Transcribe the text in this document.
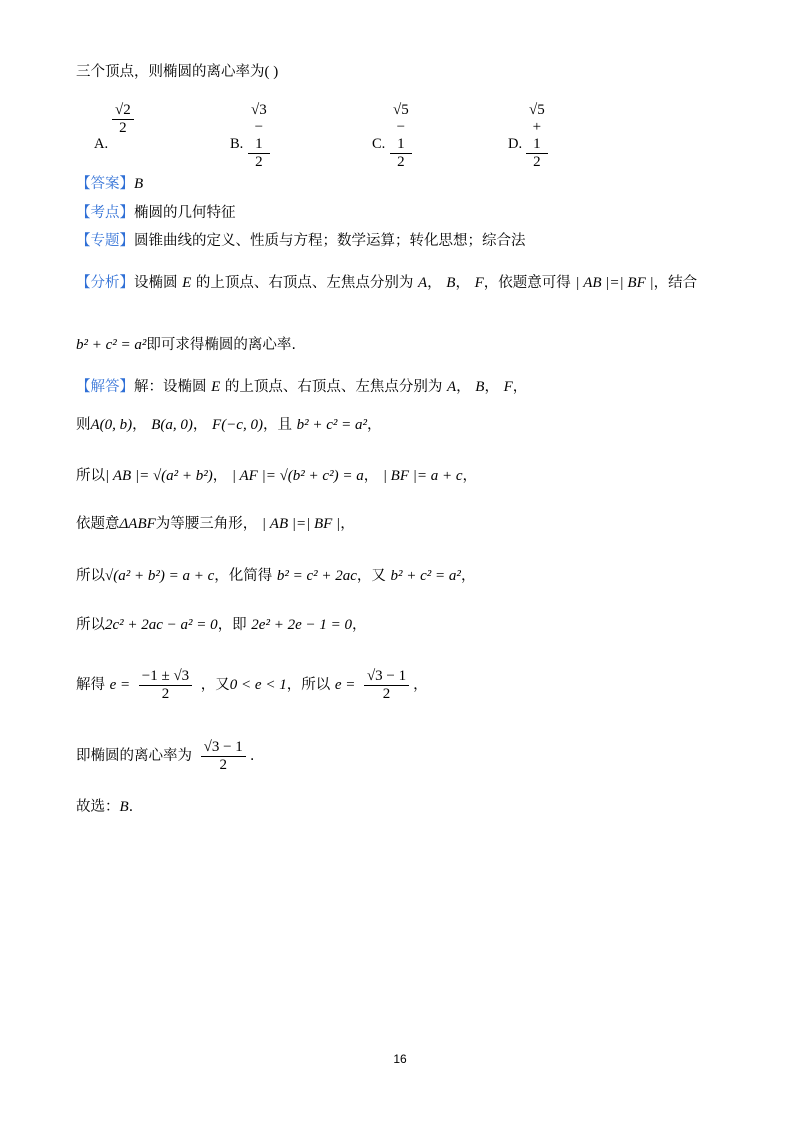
三个顶点，则椭圆的离心率为( )
$\frac{√2}{2}$
A.	$\frac{√3 - 1}{2}$
B.	$\frac{√5 - 1}{2}$
C.	$\frac{√5 + 1}{2}$
D.
【答案】B
【考点】椭圆的几何特征
【专题】圆锥曲线的定义、性质与方程；数学运算；转化思想；综合法
【分析】设椭圆 E 的上顶点、右顶点、左焦点分别为 A， B， F，依题意可得 | AB |=| BF |，结合
b² + c² = a²即可求得椭圆的离心率.
【解答】解：设椭圆 E 的上顶点、右顶点、左焦点分别为 A， B， F，
则A(0, b)， B(a, 0)， F(−c, 0)，且 b² + c² = a²，
所以| AB |= √(a² + b²)， | AF |= √(b² + c²) = a， | BF |= a + c，
依题意ΔABF为等腰三角形， | AB |=| BF |，
所以√(a² + b²) = a + c，化简得 b² = c² + 2ac，又 b² + c² = a²，
所以2c² + 2ac − a² = 0，即 2e² + 2e − 1 = 0，
解得 $e = \frac{-1 \pm √3}{2}$ ，又0 < e < 1，所以 $e = \frac{√3 - 1}{2}$ ，
即椭圆的离心率为 $\frac{√3 - 1}{2}$ .
故选：B.
16
